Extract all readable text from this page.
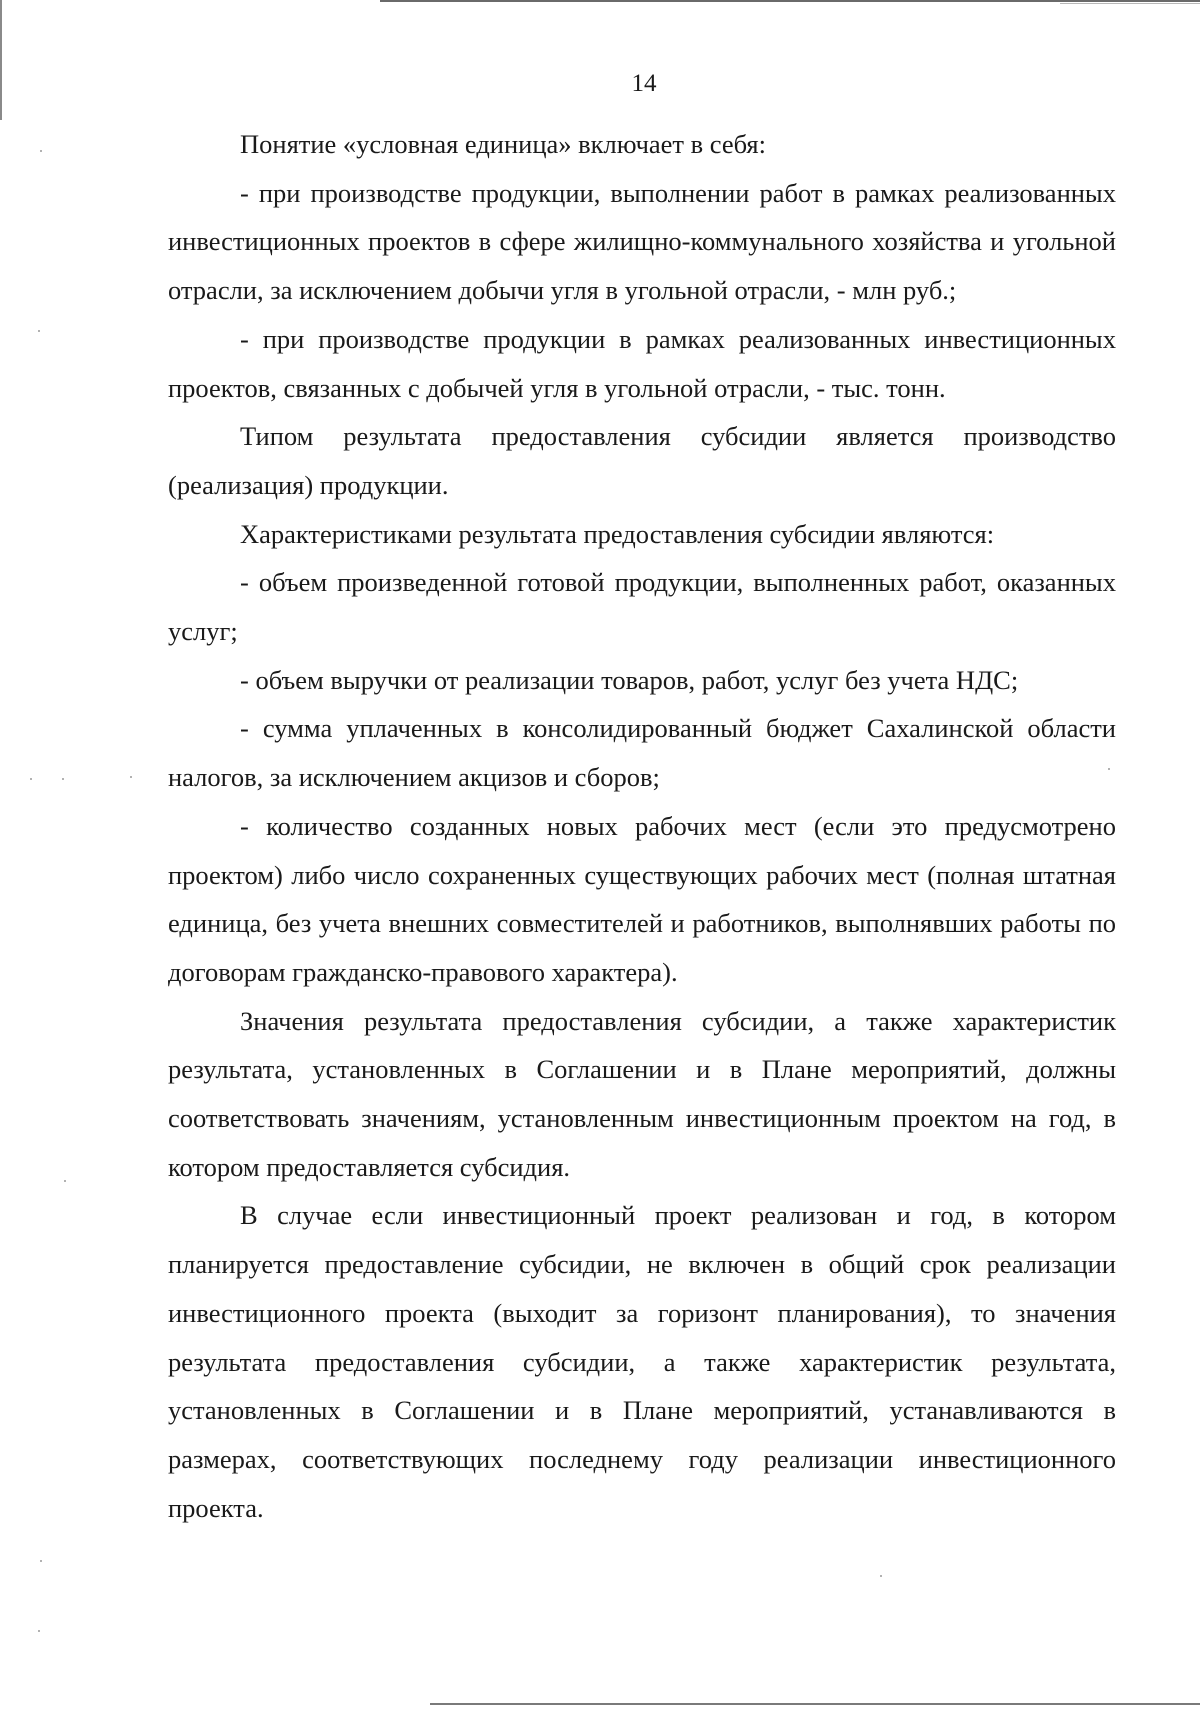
14

Понятие «условная единица» включает в себя:

- при производстве продукции, выполнении работ в рамках реализованных инвестиционных проектов в сфере жилищно-коммунального хозяйства и угольной отрасли, за исключением добычи угля в угольной отрасли, - млн руб.;

- при производстве продукции в рамках реализованных инвестиционных проектов, связанных с добычей угля в угольной отрасли, - тыс. тонн.

Типом результата предоставления субсидии является производство (реализация) продукции.

Характеристиками результата предоставления субсидии являются:

- объем произведенной готовой продукции, выполненных работ, оказанных услуг;

- объем выручки от реализации товаров, работ, услуг без учета НДС;

- сумма уплаченных в консолидированный бюджет Сахалинской области налогов, за исключением акцизов и сборов;

- количество созданных новых рабочих мест (если это предусмотрено проектом) либо число сохраненных существующих рабочих мест (полная штатная единица, без учета внешних совместителей и работников, выполнявших работы по договорам гражданско-правового характера).

Значения результата предоставления субсидии, а также характеристик результата, установленных в Соглашении и в Плане мероприятий, должны соответствовать значениям, установленным инвестиционным проектом на год, в котором предоставляется субсидия.

В случае если инвестиционный проект реализован и год, в котором планируется предоставление субсидии, не включен в общий срок реализации инвестиционного проекта (выходит за горизонт планирования), то значения результата предоставления субсидии, а также характеристик результата, установленных в Соглашении и в Плане мероприятий, устанавливаются в размерах, соответствующих последнему году реализации инвестиционного проекта.
